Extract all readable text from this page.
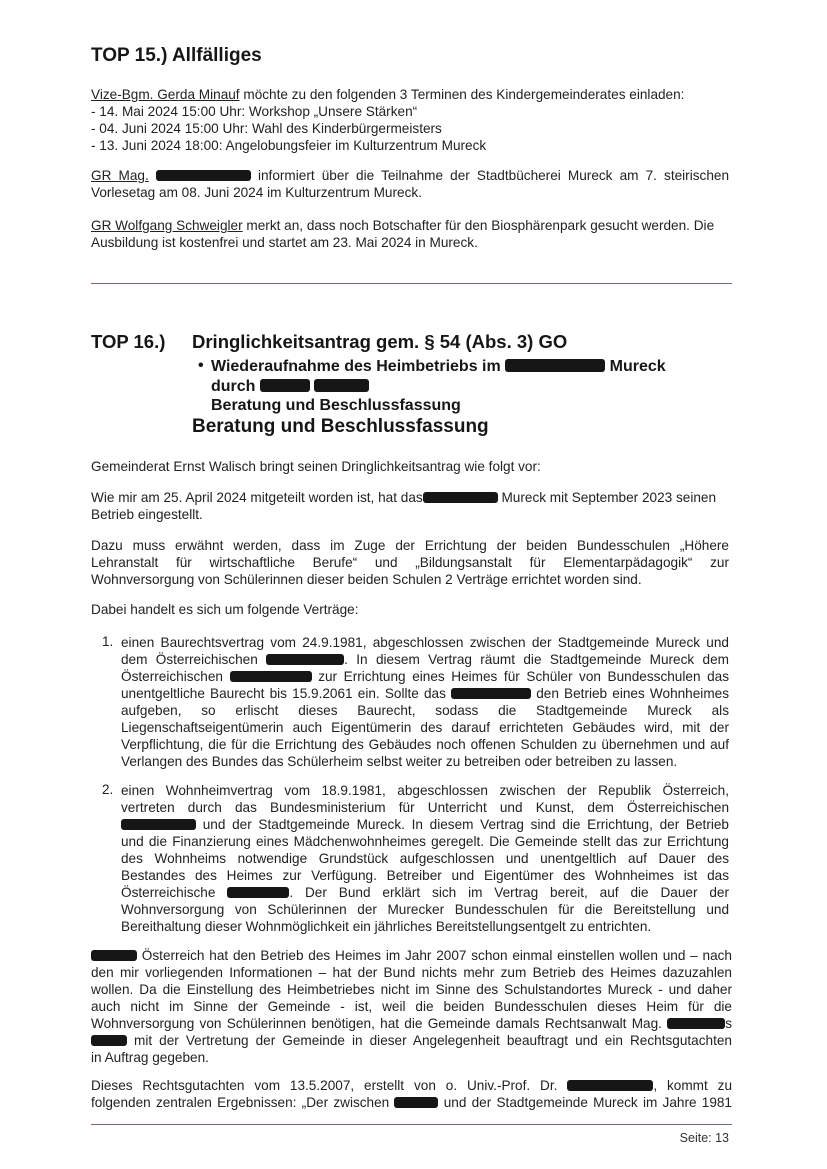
TOP 15.) Allfälliges

Vize-Bgm. Gerda Minauf möchte zu den folgenden 3 Terminen des Kindergemeinderates einladen:
- 14. Mai 2024 15:00 Uhr: Workshop „Unsere Stärken“
- 04. Juni 2024 15:00 Uhr: Wahl des Kinderbürgermeisters
- 13. Juni 2024 18:00: Angelobungsfeier im Kulturzentrum Mureck

GR Mag.	informiert über die Teilnahme der Stadtbücherei Mureck am 7. steirischen
Vorlesetag am 08. Juni 2024 im Kulturzentrum Mureck.

GR Wolfgang Schweigler merkt an, dass noch Botschafter für den Biosphärenpark gesucht werden. Die
Ausbildung ist kostenfrei und startet am 23. Mai 2024 in Mureck.

TOP 16.) Dringlichkeitsantrag gem. § 54 (Abs. 3) GO
• Wiederaufnahme des Heimbetriebs im	Mureck
durch
Beratung und Beschlussfassung
Beratung und Beschlussfassung

Gemeinderat Ernst Walisch bringt seinen Dringlichkeitsantrag wie folgt vor:

Wie mir am 25. April 2024 mitgeteilt worden ist, hat das	Mureck mit September 2023 seinen
Betrieb eingestellt.

Dazu muss erwähnt werden, dass im Zuge der Errichtung der beiden Bundesschulen „Höhere
Lehranstalt für wirtschaftliche Berufe“ und „Bildungsanstalt für Elementarpädagogik“ zur
Wohnversorgung von Schülerinnen dieser beiden Schulen 2 Verträge errichtet worden sind.

Dabei handelt es sich um folgende Verträge:

1. einen Baurechtsvertrag vom 24.9.1981, abgeschlossen zwischen der Stadtgemeinde Mureck und
dem Österreichischen	. In diesem Vertrag räumt die Stadtgemeinde Mureck dem
Österreichischen	zur Errichtung eines Heimes für Schüler von Bundesschulen das
unentgeltliche Baurecht bis 15.9.2061 ein. Sollte das	den Betrieb eines Wohnheimes
aufgeben, so erlischt dieses Baurecht, sodass die Stadtgemeinde Mureck als
Liegenschaftseigentümerin auch Eigentümerin des darauf errichteten Gebäudes wird, mit der
Verpflichtung, die für die Errichtung des Gebäudes noch offenen Schulden zu übernehmen und auf
Verlangen des Bundes das Schülerheim selbst weiter zu betreiben oder betreiben zu lassen.
2. einen Wohnheimvertrag vom 18.9.1981, abgeschlossen zwischen der Republik Österreich,
vertreten durch das Bundesministerium für Unterricht und Kunst, dem Österreichischen
und der Stadtgemeinde Mureck. In diesem Vertrag sind die Errichtung, der Betrieb
und die Finanzierung eines Mädchenwohnheimes geregelt. Die Gemeinde stellt das zur Errichtung
des Wohnheims notwendige Grundstück aufgeschlossen und unentgeltlich auf Dauer des
Bestandes des Heimes zur Verfügung. Betreiber und Eigentümer des Wohnheimes ist das
Österreichische	. Der Bund erklärt sich im Vertrag bereit, auf die Dauer der
Wohnversorgung von Schülerinnen der Murecker Bundesschulen für die Bereitstellung und
Bereithaltung dieser Wohnmöglichkeit ein jährliches Bereitstellungsentgelt zu entrichten.

Österreich hat den Betrieb des Heimes im Jahr 2007 schon einmal einstellen wollen und – nach
den mir vorliegenden Informationen – hat der Bund nichts mehr zum Betrieb des Heimes dazuzahlen
wollen. Da die Einstellung des Heimbetriebes nicht im Sinne des Schulstandortes Mureck - und daher
auch nicht im Sinne der Gemeinde - ist, weil die beiden Bundesschulen dieses Heim für die
Wohnversorgung von Schülerinnen benötigen, hat die Gemeinde damals Rechtsanwalt Mag.	s
mit der Vertretung der Gemeinde in dieser Angelegenheit beauftragt und ein Rechtsgutachten
in Auftrag gegeben.

Dieses Rechtsgutachten vom 13.5.2007, erstellt von o. Univ.-Prof. Dr.	, kommt zu
folgenden zentralen Ergebnissen: „Der zwischen	und der Stadtgemeinde Mureck im Jahre 1981

Seite: 13
